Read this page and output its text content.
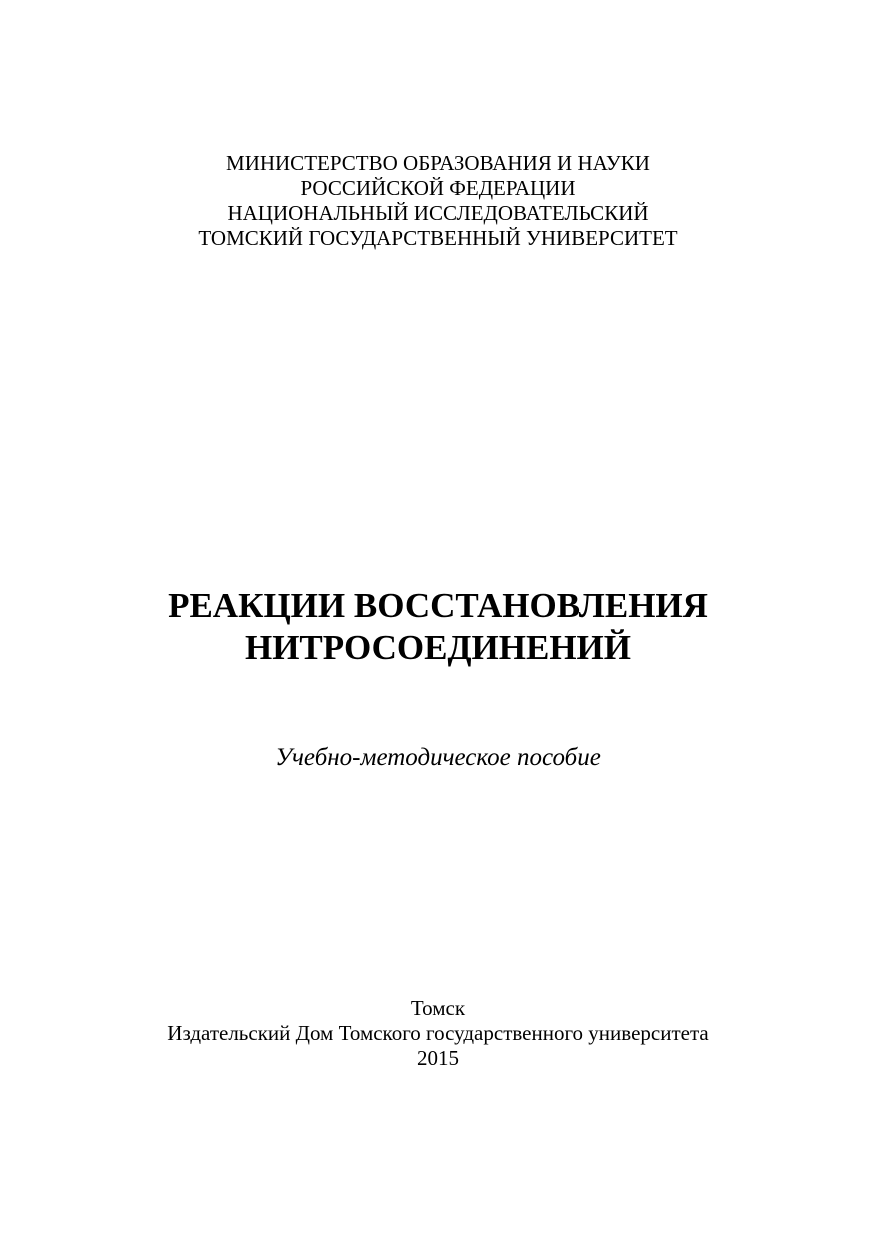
МИНИСТЕРСТВО ОБРАЗОВАНИЯ И НАУКИ
РОССИЙСКОЙ ФЕДЕРАЦИИ
НАЦИОНАЛЬНЫЙ ИССЛЕДОВАТЕЛЬСКИЙ
ТОМСКИЙ ГОСУДАРСТВЕННЫЙ УНИВЕРСИТЕТ
РЕАКЦИИ ВОССТАНОВЛЕНИЯ
НИТРОСОЕДИНЕНИЙ
Учебно-методическое пособие
Томск
Издательский Дом Томского государственного университета
2015
